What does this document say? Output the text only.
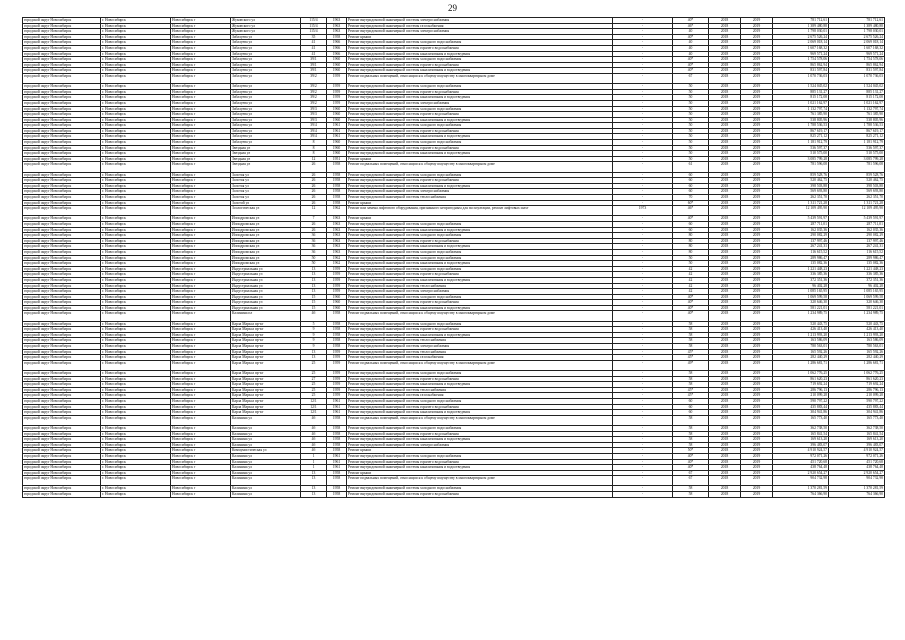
29
городской округ Новосибирск	г. Новосибирск	Новосибирск г	Жуковского ул	115/4	1963	Ремонт внутридомовой инженерной системы электроснабжения	-	40*	2018	2019	781 712,61	781 712,61
городской округ Новосибирск	г. Новосибирск	Новосибирск г	Жуковского ул	115/4	1963	Ремонт внутридомовой инженерной системы газоснабжения	-	46*	2018	2019	1 389 480,88	1 389 480,88
городской округ Новосибирск	г. Новосибирск	Новосибирск г	Жуковского ул	115/4	1963	Ремонт внутридомовой инженерной системы электроснабжения	-	40	2018	2019	1 798 030,01	1 798 030,01
городской округ Новосибирск	г. Новосибирск	Новосибирск г	Забалуева ул	35	1958	Ремонт крыши	-	40*	2018	2019	2 675 526,24	2 675 526,24
городской округ Новосибирск	г. Новосибирск	Новосибирск г	Забалуева ул	41	1966	Ремонт внутридомовой инженерной системы холодного водоснабжения	-	40	2018	2019	2 069 018,14	2 069 018,14
городской округ Новосибирск	г. Новосибирск	Новосибирск г	Забалуева ул	41	1966	Ремонт внутридомовой инженерной системы горячего водоснабжения	-	40	2018	2019	1 607 168,32	1 607 168,32
городской округ Новосибирск	г. Новосибирск	Новосибирск г	Забалуева ул	41	1966	Ремонт внутридомовой инженерной системы канализования и водоотведения	-	40	2018	2019	969 571,24	969 571,24
городской округ Новосибирск	г. Новосибирск	Новосибирск г	Забалуева ул	39/1	1960	Ремонт внутридомовой инженерной системы холодного водоснабжения	-	40*	2018	2019	1 754 578,06	1 754 578,06
городской округ Новосибирск	г. Новосибирск	Новосибирск г	Забалуева ул	39/1	1960	Ремонт внутридомовой инженерной системы горячего водоснабжения	-	40*	2018	2019	865 862,94	865 862,94
городской округ Новосибирск	г. Новосибирск	Новосибирск г	Забалуева ул	39/1	1960	Ремонт внутридомовой инженерной системы канализования и водоотведения	-	40*	2018	2019	831 597,84	831 597,84
городской округ Новосибирск	г. Новосибирск	Новосибирск г	Забалуева ул	39/2	1959	Ремонт подвальных помещений, относящихся к общему имуществу в многоквартирном доме	-	67	2018	2019	1 070 736,03	1 070 736,03
городской округ Новосибирск	г. Новосибирск	Новосибирск г	Забалуева ул	39/2	1959	Ремонт внутридомовой инженерной системы холодного водоснабжения	-	50	2018	2019	1 524 045,02	1 524 045,02
городской округ Новосибирск	г. Новосибирск	Новосибирск г	Забалуева ул	39/2	1959	Ремонт внутридомовой инженерной системы горячего водоснабжения	-	50	2018	2019	885 131,27	885 131,27
городской округ Новосибирск	г. Новосибирск	Новосибирск г	Забалуева ул	39/2	1959	Ремонт внутридомовой инженерной системы канализования и водоотведения	-	50	2018	2019	815 172,08	815 172,08
городской округ Новосибирск	г. Новосибирск	Новосибирск г	Забалуева ул	39/2	1959	Ремонт внутридомовой инженерной системы электроснабжения	-	50	2018	2019	1 021 162,97	1 021 162,97
городской округ Новосибирск	г. Новосибирск	Новосибирск г	Забалуева ул	39/3	1960	Ремонт внутридомовой инженерной системы холодного водоснабжения	-	50	2018	2019	1 132 797,74	1 132 797,74
городской округ Новосибирск	г. Новосибирск	Новосибирск г	Забалуева ул	39/3	1960	Ремонт внутридомовой инженерной системы горячего водоснабжения	-	50	2018	2019	761 385,90	761 385,90
городской округ Новосибирск	г. Новосибирск	Новосибирск г	Забалуева ул	39/3	1960	Ремонт внутридомовой инженерной системы канализования и водоотведения	-	50	2018	2019	538 805,96	538 805,96
городской округ Новосибирск	г. Новосибирск	Новосибирск г	Забалуева ул	39/4	1961	Ремонт внутридомовой инженерной системы холодного водоснабжения	-	50	2018	2019	1 788 536,53	1 788 536,53
городской округ Новосибирск	г. Новосибирск	Новосибирск г	Забалуева ул	39/4	1961	Ремонт внутридомовой инженерной системы горячего водоснабжения	-	50	2018	2019	867 619,17	867 619,17
городской округ Новосибирск	г. Новосибирск	Новосибирск г	Забалуева ул	39/4	1961	Ремонт внутридомовой инженерной системы канализования и водоотведения	-	50	2018	2019	825 271,12	825 271,12
городской округ Новосибирск	г. Новосибирск	Новосибирск г	Забалуева ул	8	1960	Ремонт внутридомовой инженерной системы холодного водоснабжения	-	50	2018	2019	1 181 912,79	1 181 912,79
городской округ Новосибирск	г. Новосибирск	Новосибирск г	Звездная ул	8	1960	Ремонт внутридомовой инженерной системы горячего водоснабжения	-	50	2018	2019	536 597,37	536 597,37
городской округ Новосибирск	г. Новосибирск	Новосибирск г	Звездная ул	8	1960	Ремонт внутридомовой инженерной системы канализования и водоотведения	-	50	2018	2019	510 575,00	510 575,00
городской округ Новосибирск	г. Новосибирск	Новосибирск г	Звездная ул	12	1951	Ремонт крыши	-	50	2018	2019	3 085 799,28	3 085 799,28
городской округ Новосибирск	г. Новосибирск	Новосибирск г	Звездная ул	26	1958	Ремонт подвальных помещений, относящихся к общему имуществу в многоквартирном доме	-	61	2018	2019	781 596,08	781 596,08
городской округ Новосибирск	г. Новосибирск	Новосибирск г	Золотая ул	26	1958	Ремонт внутридомовой инженерной системы холодного водоснабжения	-	60	2018	2019	859 528,76	859 528,76
городской округ Новосибирск	г. Новосибирск	Новосибирск г	Золотая ул	26	1958	Ремонт внутридомовой инженерной системы горячего водоснабжения	-	60	2018	2019	520 462,75	520 462,75
городской округ Новосибирск	г. Новосибирск	Новосибирск г	Золотая ул	26	1958	Ремонт внутридомовой инженерной системы канализования и водоотведения	-	60	2018	2019	398 503,88	398 503,88
городской округ Новосибирск	г. Новосибирск	Новосибирск г	Золотая ул	26	1958	Ремонт внутридомовой инженерной системы электроснабжения	-	60	2018	2019	569 693,80	569 693,80
городской округ Новосибирск	г. Новосибирск	Новосибирск г	Золотая ул	26	1958	Ремонт внутридомовой инженерной системы теплоснабжения	-	70	2018	2019	262 351,70	262 351,70
городской округ Новосибирск	г. Новосибирск	Новосибирск г	Золотой ул	26	1958	Ремонт крыши	-	60*	2018	2019	1 311 721,28	1 311 721,28
городской округ Новосибирск	г. Новосибирск	Новосибирск г	Зоологическая ул	12	1962	Ремонт или замена лифтового оборудования, признанного непригодным для эксплуатации, ремонт лифтовых шахт	1973	46*	2018	2019	12 109 495,90	12 109 495,90
городской округ Новосибирск	г. Новосибирск	Новосибирск г	Ипподромская ул	7	1963	Ремонт крыши	-	40*	2018	2019	5 439 591,97	5 439 591,97
городской округ Новосибирск	г. Новосибирск	Новосибирск г	Ипподромская ул	26	1963	Ремонт внутридомовой инженерной системы холодного водоснабжения	-	60	2018	2019	287 711,01	287 711,01
городской округ Новосибирск	г. Новосибирск	Новосибирск г	Ипподромская ул	26	1963	Ремонт внутридомовой инженерной системы канализования и водоотведения	-	60	2018	2019	162 035,36	162 035,36
городской округ Новосибирск	г. Новосибирск	Новосибирск г	Ипподромская ул	36	1963	Ремонт внутридомовой инженерной системы холодного водоснабжения	-	80	2018	2019	290 082,29	290 082,29
городской округ Новосибирск	г. Новосибирск	Новосибирск г	Ипподромская ул	36	1963	Ремонт внутридомовой инженерной системы горячего водоснабжения	-	80	2018	2019	137 997,46	137 997,46
городской округ Новосибирск	г. Новосибирск	Новосибирск г	Ипподромская ул	36	1963	Ремонт внутридомовой инженерной системы канализования и водоотведения	-	80	2018	2019	267 241,31	267 241,31
городской округ Новосибирск	г. Новосибирск	Новосибирск г	Ипподромская ул	36	1963	Ремонт внутридомовой инженерной системы холодного водоснабжения	-	80	2018	2019	116 615,52	116 615,52
городской округ Новосибирск	г. Новосибирск	Новосибирск г	Ипподромская ул	50	1962	Ремонт внутридомовой инженерной системы холодного водоснабжения	-	50	2018	2019	289 986,47	289 986,47
городской округ Новосибирск	г. Новосибирск	Новосибирск г	Ипподромская ул	50	1962	Ремонт внутридомовой инженерной системы канализования и водоотведения	-	50	2018	2019	135 082,36	135 082,36
городской округ Новосибирск	г. Новосибирск	Новосибирск г	Индустриальная ул	13	1959	Ремонт внутридомовой инженерной системы холодного водоснабжения	-	42	2018	2019	1 221 448,23	1 221 448,23
городской округ Новосибирск	г. Новосибирск	Новосибирск г	Индустриальная ул	13	1959	Ремонт внутридомовой инженерной системы горячего водоснабжения	-	42	2018	2019	336 385,36	336 385,36
городской округ Новосибирск	г. Новосибирск	Новосибирск г	Индустриальная ул	13	1959	Ремонт внутридомовой инженерной системы канализования и водоотведения	-	42	2018	2019	372 351,36	372 351,36
городской округ Новосибирск	г. Новосибирск	Новосибирск г	Индустриальная ул	13	1959	Ремонт внутридомовой инженерной системы теплоснабжения	-	42	2018	2019	96 402,28	96 402,28
городской округ Новосибирск	г. Новосибирск	Новосибирск г	Индустриальная ул	13	1959	Ремонт внутридомовой инженерной системы электроснабжения	-	42	2018	2019	1 085 165,95	1 085 165,95
городской округ Новосибирск	г. Новосибирск	Новосибирск г	Индустриальная ул	15	1960	Ремонт внутридомовой инженерной системы холодного водоснабжения	-	40*	2018	2019	1 069 599,58	1 069 599,58
городской округ Новосибирск	г. Новосибирск	Новосибирск г	Индустриальная ул	15	1960	Ремонт внутридомовой инженерной системы горячего водоснабжения	-	40*	2018	2019	320 646,30	320 646,30
городской округ Новосибирск	г. Новосибирск	Новосибирск г	Индустриальная ул	15	1960	Ремонт внутридомовой инженерной системы канализования и водоотведения	-	40*	2018	2019	581 221,01	581 221,01
городской округ Новосибирск	г. Новосибирск	Новосибирск г	Калинина пл	4б	1958	Ремонт подвальных помещений, относящихся к общему имуществу в многоквартирном доме	-	40*	2018	2019	1 234 989,75	1 234 989,75
городской округ Новосибирск	г. Новосибирск	Новосибирск г	Карла Маркса пр-кт	5	1958	Ремонт внутридомовой инженерной системы холодного водоснабжения	-	58	2018	2019	520 443,75	520 443,75
городской округ Новосибирск	г. Новосибирск	Новосибирск г	Карла Маркса пр-кт	9	1958	Ремонт внутридомовой инженерной системы горячего водоснабжения	-	58	2018	2019	426 413,40	426 413,40
городской округ Новосибирск	г. Новосибирск	Новосибирск г	Карла Маркса пр-кт	9	1958	Ремонт внутридомовой инженерной системы канализования и водоотведения	-	58	2018	2019	1 213 993,20	1 213 993,20
городской округ Новосибирск	г. Новосибирск	Новосибирск г	Карла Маркса пр-кт	9	1958	Ремонт внутридомовой инженерной системы теплоснабжения	-	58	2018	2019	163 586,09	163 586,09
городской округ Новосибирск	г. Новосибирск	Новосибирск г	Карла Маркса пр-кт	9	1958	Ремонт внутридомовой инженерной системы электроснабжения	-	58	2018	2019	780 563,01	780 563,01
городской округ Новосибирск	г. Новосибирск	Новосибирск г	Карла Маркса пр-кт	13	1959	Ремонт внутридомовой инженерной системы теплоснабжения	-	45*	2018	2019	165 592,26	165 592,26
городской округ Новосибирск	г. Новосибирск	Новосибирск г	Карла Маркса пр-кт	13	1959	Ремонт внутридомовой инженерной системы газоснабжения	-	45*	2018	2019	282 440,29	282 440,29
городской округ Новосибирск	г. Новосибирск	Новосибирск г	Карла Маркса пр-кт	25	1959	Ремонт подвальных помещений, относящихся к общему имуществу в многоквартирном доме	-	49*	2018	2019	1 286 681,71	1 286 681,71
городской округ Новосибирск	г. Новосибирск	Новосибирск г	Карла Маркса пр-кт	25	1959	Ремонт внутридомовой инженерной системы холодного водоснабжения	-	58	2018	2019	1 062 776,25	1 062 776,25
городской округ Новосибирск	г. Новосибирск	Новосибирск г	Карла Маркса пр-кт	27	1959	Ремонт внутридомовой инженерной системы горячего водоснабжения	-	58	2018	2019	861 620,23	861 620,23
городской округ Новосибирск	г. Новосибирск	Новосибирск г	Карла Маркса пр-кт	25	1959	Ремонт внутридомовой инженерной системы канализования и водоотведения	-	58	2018	2019	719 692,24	719 692,24
городской округ Новосибирск	г. Новосибирск	Новосибирск г	Карла Маркса пр-кт	25	1959	Ремонт внутридомовой инженерной системы теплоснабжения	-	45*	2018	2019	286 796,13	286 796,13
городской округ Новосибирск	г. Новосибирск	Новосибирск г	Карла Маркса пр-кт	25	1959	Ремонт внутридомовой инженерной системы газоснабжения	-	45*	2018	2019	210 099,28	210 099,28
городской округ Новосибирск	г. Новосибирск	Новосибирск г	Карла Маркса пр-кт	12/1	1961	Ремонт внутридомовой инженерной системы холодного водоснабжения	-	60	2018	2019	590 797,22	590 797,22
городской округ Новосибирск	г. Новосибирск	Новосибирск г	Карла Маркса пр-кт	12/1	1961	Ремонт внутридомовой инженерной системы горячего водоснабжения	-	60	2018	2019	435 883,44	435 883,44
городской округ Новосибирск	г. Новосибирск	Новосибирск г	Карла Маркса пр-кт	12/1	1961	Ремонт внутридомовой инженерной системы канализования и водоотведения	-	60	2018	2019	304 941,86	304 941,86
городской округ Новосибирск	г. Новосибирск	Новосибирск г	Калинина ул	4б	1958	Ремонт подвальных помещений, относящихся к общему имуществу в многоквартирном доме	-	58	2018	2019	165 773,40	165 773,40
городской округ Новосибирск	г. Новосибирск	Новосибирск г	Калинина ул	4б	1958	Ремонт внутридомовой инженерной системы холодного водоснабжения	-	58	2018	2019	362 738,50	362 738,50
городской округ Новосибирск	г. Новосибирск	Новосибирск г	Калинина ул	4б	1958	Ремонт внутридомовой инженерной системы горячего водоснабжения	-	58	2018	2019	165 841,54	165 841,54
городской округ Новосибирск	г. Новосибирск	Новосибирск г	Калинина ул	4б	1958	Ремонт внутридомовой инженерной системы канализования и водоотведения	-	58	2018	2019	169 613,20	169 613,20
городской округ Новосибирск	г. Новосибирск	Новосибирск г	Калинина ул	4б	1958	Ремонт внутридомовой инженерной системы электроснабжения	-	58	2018	2019	396 483,07	396 483,07
городской округ Новосибирск	г. Новосибирск	Новосибирск г	Коммунистическая ул	4б	1958	Ремонт крыши	-	50*	2018	2019	4 910 924,57	4 910 924,57
городской округ Новосибирск	г. Новосибирск	Новосибирск г	Калинина ул	1	1961	Ремонт внутридомовой инженерной системы холодного водоснабжения	-	40*	2018	2019	972 071,26	972 071,26
городской округ Новосибирск	г. Новосибирск	Новосибирск г	Калинина ул	1	1961	Ремонт внутридомовой инженерной системы горячего водоснабжения	-	40*	2018	2019	451 720,68	451 720,68
городской округ Новосибирск	г. Новосибирск	Новосибирск г	Калинина ул	1	1961	Ремонт внутридомовой инженерной системы канализования и водоотведения	-	40*	2018	2019	438 764,48	438 764,48
городской округ Новосибирск	г. Новосибирск	Новосибирск г	Калинина ул	13	1958	Ремонт крыши	-	67	2018	2019	2 920 654,27	2 920 654,27
городской округ Новосибирск	г. Новосибирск	Новосибирск г	Калинина ул	13	1958	Ремонт подвальных помещений, относящихся к общему имуществу в многоквартирном доме	-	67	2018	2019	904 732,98	904 732,98
городской округ Новосибирск	г. Новосибирск	Новосибирск г	Калинина ул	13	1958	Ремонт внутридомовой инженерной системы холодного водоснабжения	-	58	2018	2019	1 370 281,59	1 370 281,59
городской округ Новосибирск	г. Новосибирск	Новосибирск г	Калинина ул	13	1958	Ремонт внутридомовой инженерной системы горячего водоснабжения	-	58	2018	2019	764 366,90	764 366,90
